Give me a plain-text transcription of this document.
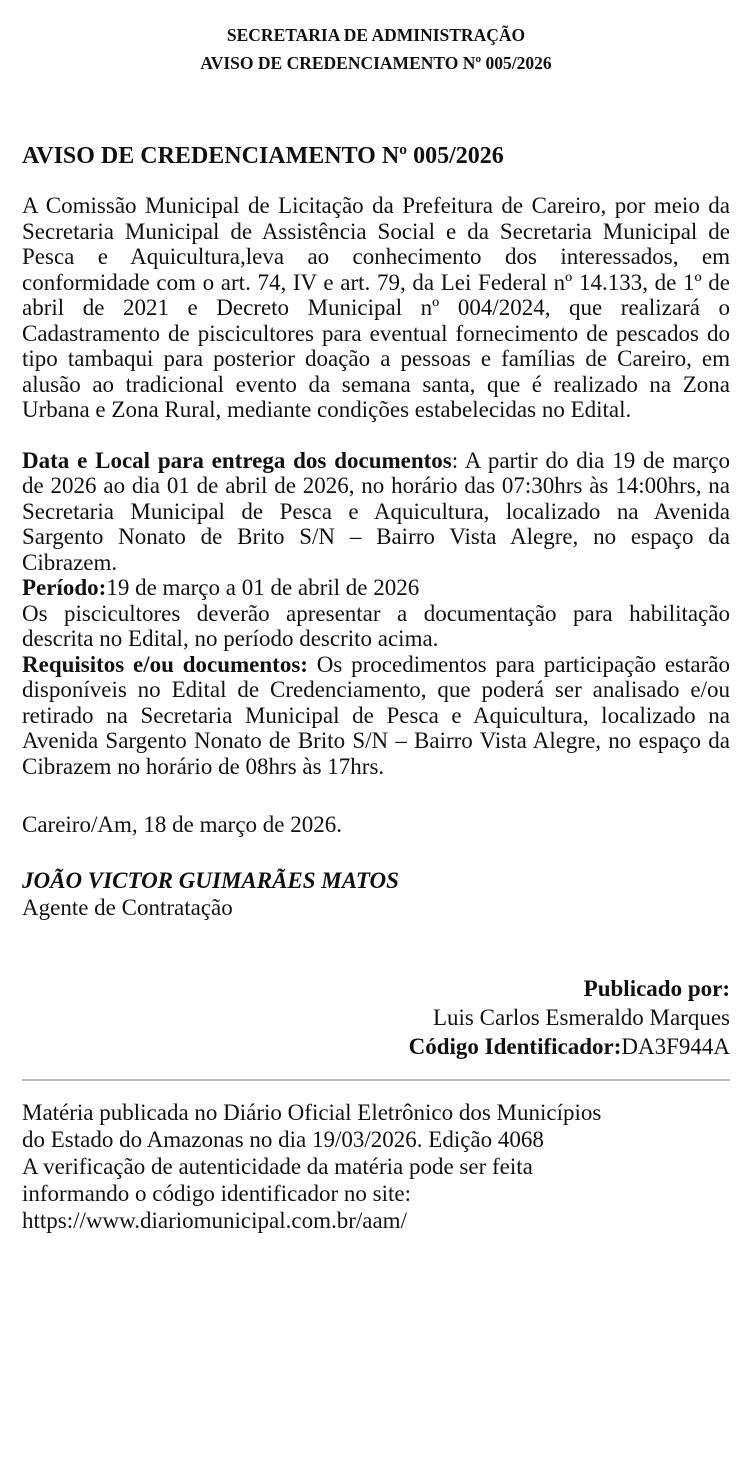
SECRETARIA DE ADMINISTRAÇÃO
AVISO DE CREDENCIAMENTO Nº 005/2026
AVISO DE CREDENCIAMENTO Nº 005/2026

A Comissão Municipal de Licitação da Prefeitura de Careiro, por meio da Secretaria Municipal de Assistência Social e da Secretaria Municipal de Pesca e Aquicultura,leva ao conhecimento dos interessados, em conformidade com o art. 74, IV e art. 79, da Lei Federal nº 14.133, de 1º de abril de 2021 e Decreto Municipal nº 004/2024, que realizará o Cadastramento de piscicultores para eventual fornecimento de pescados do tipo tambaqui para posterior doação a pessoas e famílias de Careiro, em alusão ao tradicional evento da semana santa, que é realizado na Zona Urbana e Zona Rural, mediante condições estabelecidas no Edital.

Data e Local para entrega dos documentos: A partir do dia 19 de março de 2026 ao dia 01 de abril de 2026, no horário das 07:30hrs às 14:00hrs, na Secretaria Municipal de Pesca e Aquicultura, localizado na Avenida Sargento Nonato de Brito S/N – Bairro Vista Alegre, no espaço da Cibrazem.

Período:19 de março a 01 de abril de 2026

Os piscicultores deverão apresentar a documentação para habilitação descrita no Edital, no período descrito acima.

Requisitos e/ou documentos: Os procedimentos para participação estarão disponíveis no Edital de Credenciamento, que poderá ser analisado e/ou retirado na Secretaria Municipal de Pesca e Aquicultura, localizado na Avenida Sargento Nonato de Brito S/N – Bairro Vista Alegre, no espaço da Cibrazem no horário de 08hrs às 17hrs.

Careiro/Am, 18 de março de 2026.

JOÃO VICTOR GUIMARÃES MATOS
Agente de Contratação
Publicado por:
Luis Carlos Esmeraldo Marques
Código Identificador:DA3F944A
Matéria publicada no Diário Oficial Eletrônico dos Municípios
do Estado do Amazonas no dia 19/03/2026. Edição 4068
A verificação de autenticidade da matéria pode ser feita
informando o código identificador no site:
https://www.diariomunicipal.com.br/aam/
